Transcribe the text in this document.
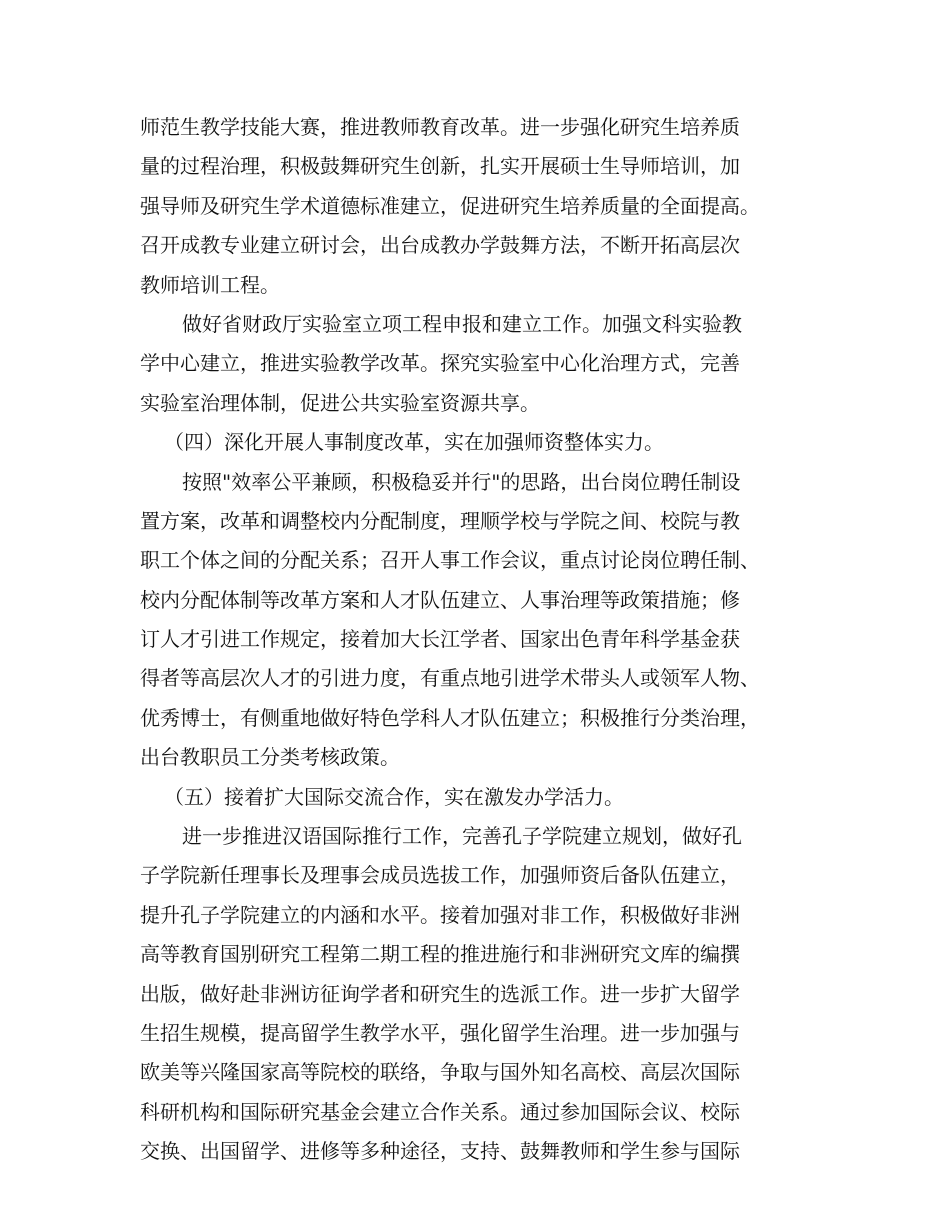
师范生教学技能大赛，推进教师教育改革。进一步强化研究生培养质
量的过程治理，积极鼓舞研究生创新，扎实开展硕士生导师培训，加
强导师及研究生学术道德标准建立，促进研究生培养质量的全面提高。
召开成教专业建立研讨会，出台成教办学鼓舞方法，不断开拓高层次
教师培训工程。
做好省财政厅实验室立项工程申报和建立工作。加强文科实验教
学中心建立，推进实验教学改革。探究实验室中心化治理方式，完善
实验室治理体制，促进公共实验室资源共享。
（四）深化开展人事制度改革，实在加强师资整体实力。
按照"效率公平兼顾，积极稳妥并行"的思路，出台岗位聘任制设
置方案，改革和调整校内分配制度，理顺学校与学院之间、校院与教
职工个体之间的分配关系；召开人事工作会议，重点讨论岗位聘任制、
校内分配体制等改革方案和人才队伍建立、人事治理等政策措施；修
订人才引进工作规定，接着加大长江学者、国家出色青年科学基金获
得者等高层次人才的引进力度，有重点地引进学术带头人或领军人物、
优秀博士，有侧重地做好特色学科人才队伍建立；积极推行分类治理，
出台教职员工分类考核政策。
（五）接着扩大国际交流合作，实在激发办学活力。
进一步推进汉语国际推行工作，完善孔子学院建立规划，做好孔
子学院新任理事长及理事会成员选拔工作，加强师资后备队伍建立，
提升孔子学院建立的内涵和水平。接着加强对非工作，积极做好非洲
高等教育国别研究工程第二期工程的推进施行和非洲研究文库的编撰
出版，做好赴非洲访征询学者和研究生的选派工作。进一步扩大留学
生招生规模，提高留学生教学水平，强化留学生治理。进一步加强与
欧美等兴隆国家高等院校的联络，争取与国外知名高校、高层次国际
科研机构和国际研究基金会建立合作关系。通过参加国际会议、校际
交换、出国留学、进修等多种途径，支持、鼓舞教师和学生参与国际
